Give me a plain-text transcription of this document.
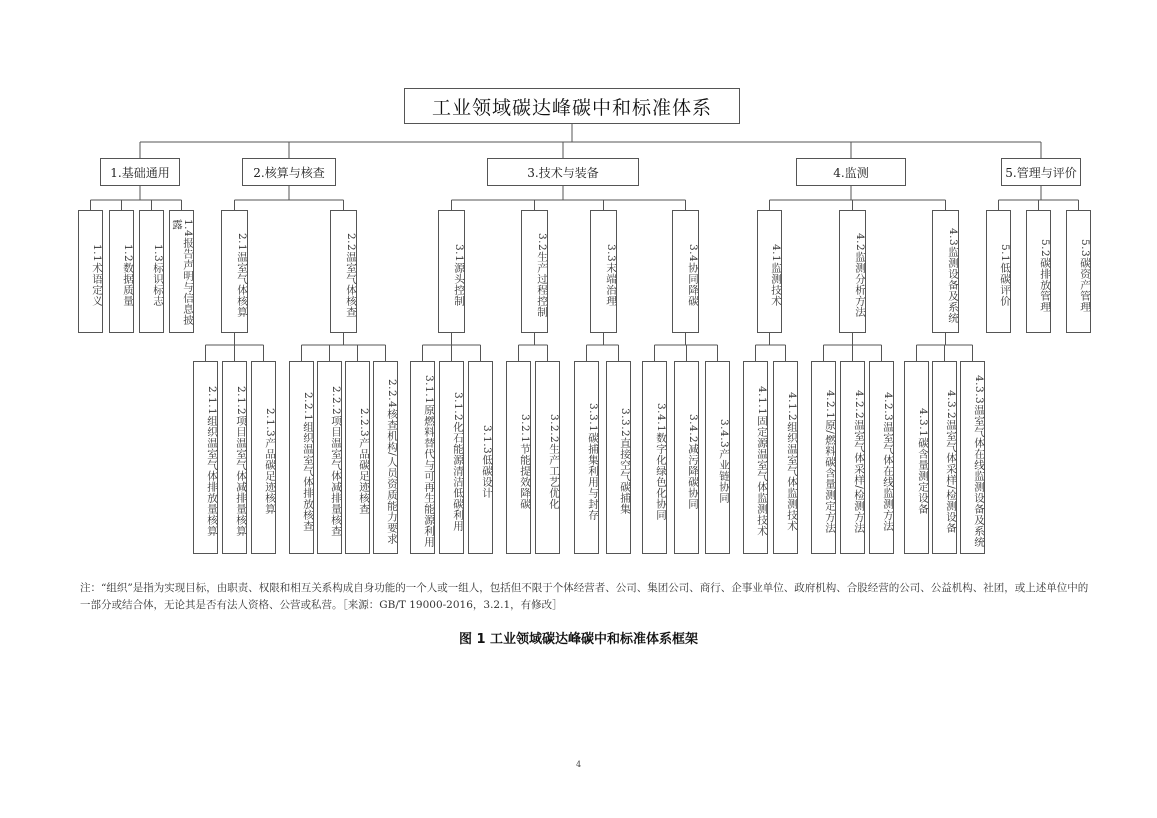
工业领域碳达峰碳中和标准体系
1.基础通用	2.核算与核查	3.技术与装备	4.监测	5.管理与评价
1.1术语定义	1.2数据质量	1.3标识标志	1.4报告声明与信息披露
2.1温室气体核算	2.2温室气体核查	3.1源头控制	3.2生产过程控制	3.3末端治理	3.4协同降碳	4.1监测技术	4.2监测分析方法	4.3监测设备及系统	5.1低碳评价	5.2碳排放管理	5.3碳资产管理
2.1.1组织温室气体排放量核算	2.1.2项目温室气体减排量核算	2.1.3产品碳足迹核算	2.2.1组织温室气体排放核查	2.2.2项目温室气体减排量核查	2.2.3产品碳足迹核查	2.2.4核查机构/人员资质能力要求	3.1.1原燃料替代与可再生能源利用	3.1.2化石能源清洁低碳利用	3.1.3低碳设计	3.2.1节能提效降碳	3.2.2生产工艺优化	3.3.1碳捕集利用与封存	3.3.2直接空气碳捕集	3.4.1数字化绿色化协同	3.4.2减污降碳协同	3.4.3产业链协同	4.1.1固定源温室气体监测技术	4.1.2组织温室气体监测技术	4.2.1原/燃料碳含量测定方法	4.2.2温室气体采样/检测方法	4.2.3温室气体在线监测方法	4.3.1碳含量测定设备	4.3.2温室气体采样/检测设备	4.3.3温室气体在线监测设备及系统
注：“组织”是指为实现目标，由职责、权限和相互关系构成自身功能的一个人或一组人，包括但不限于个体经营者、公司、集团公司、商行、企事业单位、政府机构、合股经营的公司、公益机构、社团，或上述单位中的一部分或结合体，无论其是否有法人资格、公营或私营。［来源：GB/T 19000-2016，3.2.1，有修改］
图 1 工业领域碳达峰碳中和标准体系框架
4
